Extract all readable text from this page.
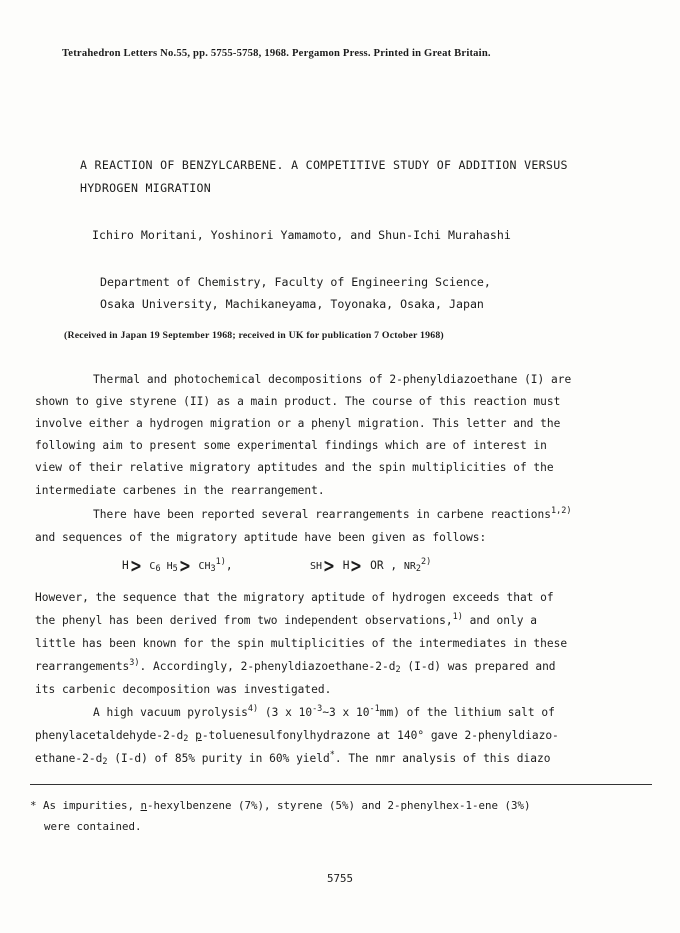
Tetrahedron Letters No.55, pp. 5755-5758, 1968. Pergamon Press. Printed in Great Britain.
A REACTION OF BENZYLCARBENE. A COMPETITIVE STUDY OF ADDITION VERSUS
HYDROGEN MIGRATION
Ichiro Moritani, Yoshinori Yamamoto, and Shun-Ichi Murahashi
Department of Chemistry, Faculty of Engineering Science,
Osaka University, Machikaneyama, Toyonaka, Osaka, Japan
(Received in Japan 19 September 1968; received in UK for publication 7 October 1968)
Thermal and photochemical decompositions of 2-phenyldiazoethane (I) are
shown to give styrene (II) as a main product. The course of this reaction must
involve either a hydrogen migration or a phenyl migration. This letter and the
following aim to present some experimental findings which are of interest in
view of their relative migratory aptitudes and the spin multiplicities of the
intermediate carbenes in the rearrangement.
There have been reported several rearrangements in carbene reactions$^{1,2)}$
and sequences of the migratory aptitude have been given as follows:
$H> C_6$ $H_5> CH_3^{1)}$,	SH> H> OR , $NR_2^{2)}$
However, the sequence that the migratory aptitude of hydrogen exceeds that of
the phenyl has been derived from two independent observations,$^{1)}$ and only a
little has been known for the spin multiplicities of the intermediates in these
rearrangements$^{3)}$. Accordingly, $2-phenyldiazoethane-2-d_2$ (I-d) was prepared and
its carbenic decomposition was investigated.
A high vacuum pyrolysis$^{4)}$ (3 x $10^{-3}\sim 3$ x $10^{-1}mm$) of the lithium salt of
phenylacetaldehyde-$2-d_2$ p-toluenesulfonylhydrazone at 140° gave 2-phenyldiazo-
ethane-$2-d_2$ (I-d) of 85% purity in 60% yield*. The nmr analysis of this diazo
* As impurities, n-hexylbenzene (7%), styrene (5%) and 2-phenylhex-1-ene (3%)
were contained.
5755
